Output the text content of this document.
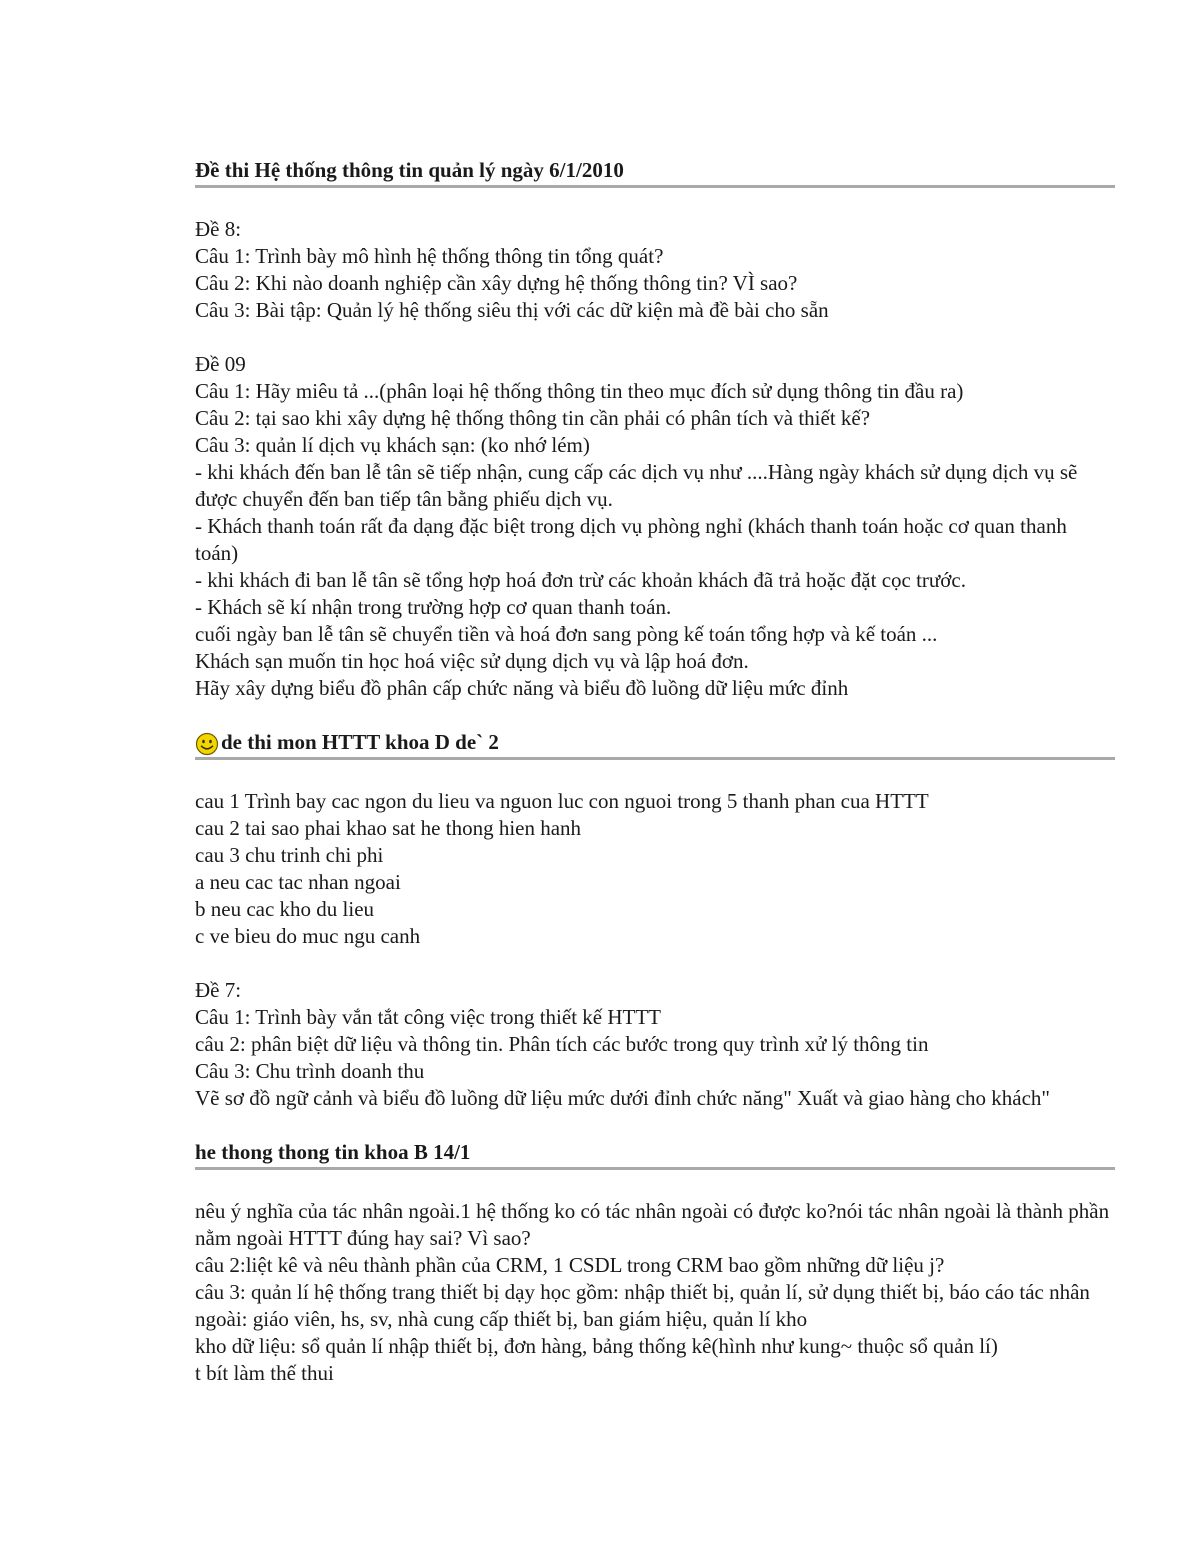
Đề thi Hệ thống thông tin quản lý ngày 6/1/2010

Đề 8:

Câu 1: Trình bày mô hình hệ thống thông tin tổng quát?

Câu 2: Khi nào doanh nghiệp cần xây dựng hệ thống thông tin? VÌ sao?

Câu 3: Bài tập: Quản lý hệ thống siêu thị với các dữ kiện mà đề bài cho sẵn

Đề 09

Câu 1: Hãy miêu tả ...(phân loại hệ thống thông tin theo mục đích sử dụng thông tin đầu ra)

Câu 2: tại sao khi xây dựng hệ thống thông tin cần phải có phân tích và thiết kế?

Câu 3: quản lí dịch vụ khách sạn: (ko nhớ lém)

- khi khách đến ban lễ tân sẽ tiếp nhận, cung cấp các dịch vụ như ....Hàng ngày khách sử dụng dịch vụ sẽ được chuyển đến ban tiếp tân bằng phiếu dịch vụ.

- Khách thanh toán rất đa dạng đặc biệt trong dịch vụ phòng nghỉ (khách thanh toán hoặc cơ quan thanh toán)

- khi khách đi ban lễ tân sẽ tổng hợp hoá đơn trừ các khoản khách đã trả hoặc đặt cọc trước.

- Khách sẽ kí nhận trong trường hợp cơ quan thanh toán.

cuối ngày ban lễ tân sẽ chuyển tiền và hoá đơn sang pòng kế toán tổng hợp và kế toán ...

Khách sạn muốn tin học hoá việc sử dụng dịch vụ và lập hoá đơn.

Hãy xây dựng biểu đồ phân cấp chức năng và biểu đồ luồng dữ liệu mức đỉnh

de thi mon HTTT khoa D de` 2

cau 1 Trình bay cac ngon du lieu va nguon luc con nguoi trong 5 thanh phan cua HTTT

cau 2 tai sao phai khao sat he thong hien hanh

cau 3 chu trinh chi phi

a neu cac tac nhan ngoai

b neu cac kho du lieu

c ve bieu do muc ngu canh

Đề 7:

Câu 1: Trình bày vắn tắt công việc trong thiết kế HTTT

câu 2: phân biệt dữ liệu và thông tin. Phân tích các bước trong quy trình xử lý thông tin

Câu 3: Chu trình doanh thu

Vẽ sơ đồ ngữ cảnh và biểu đồ luồng dữ liệu mức dưới đỉnh chức năng" Xuất và giao hàng cho khách"

he thong thong tin khoa B 14/1

nêu ý nghĩa của tác nhân ngoài.1 hệ thống ko có tác nhân ngoài có được ko?nói tác nhân ngoài là thành phần nằm ngoài HTTT đúng hay sai? Vì sao?

câu 2:liệt kê và nêu thành phần của CRM, 1 CSDL trong CRM bao gồm những dữ liệu j?

câu 3: quản lí hệ thống trang thiết bị dạy học gồm: nhập thiết bị, quản lí, sử dụng thiết bị, báo cáo tác nhân ngoài: giáo viên, hs, sv, nhà cung cấp thiết bị, ban giám hiệu, quản lí kho

kho dữ liệu: sổ quản lí nhập thiết bị, đơn hàng, bảng thống kê(hình như kung~ thuộc sổ quản lí)

t bít làm thế thui
